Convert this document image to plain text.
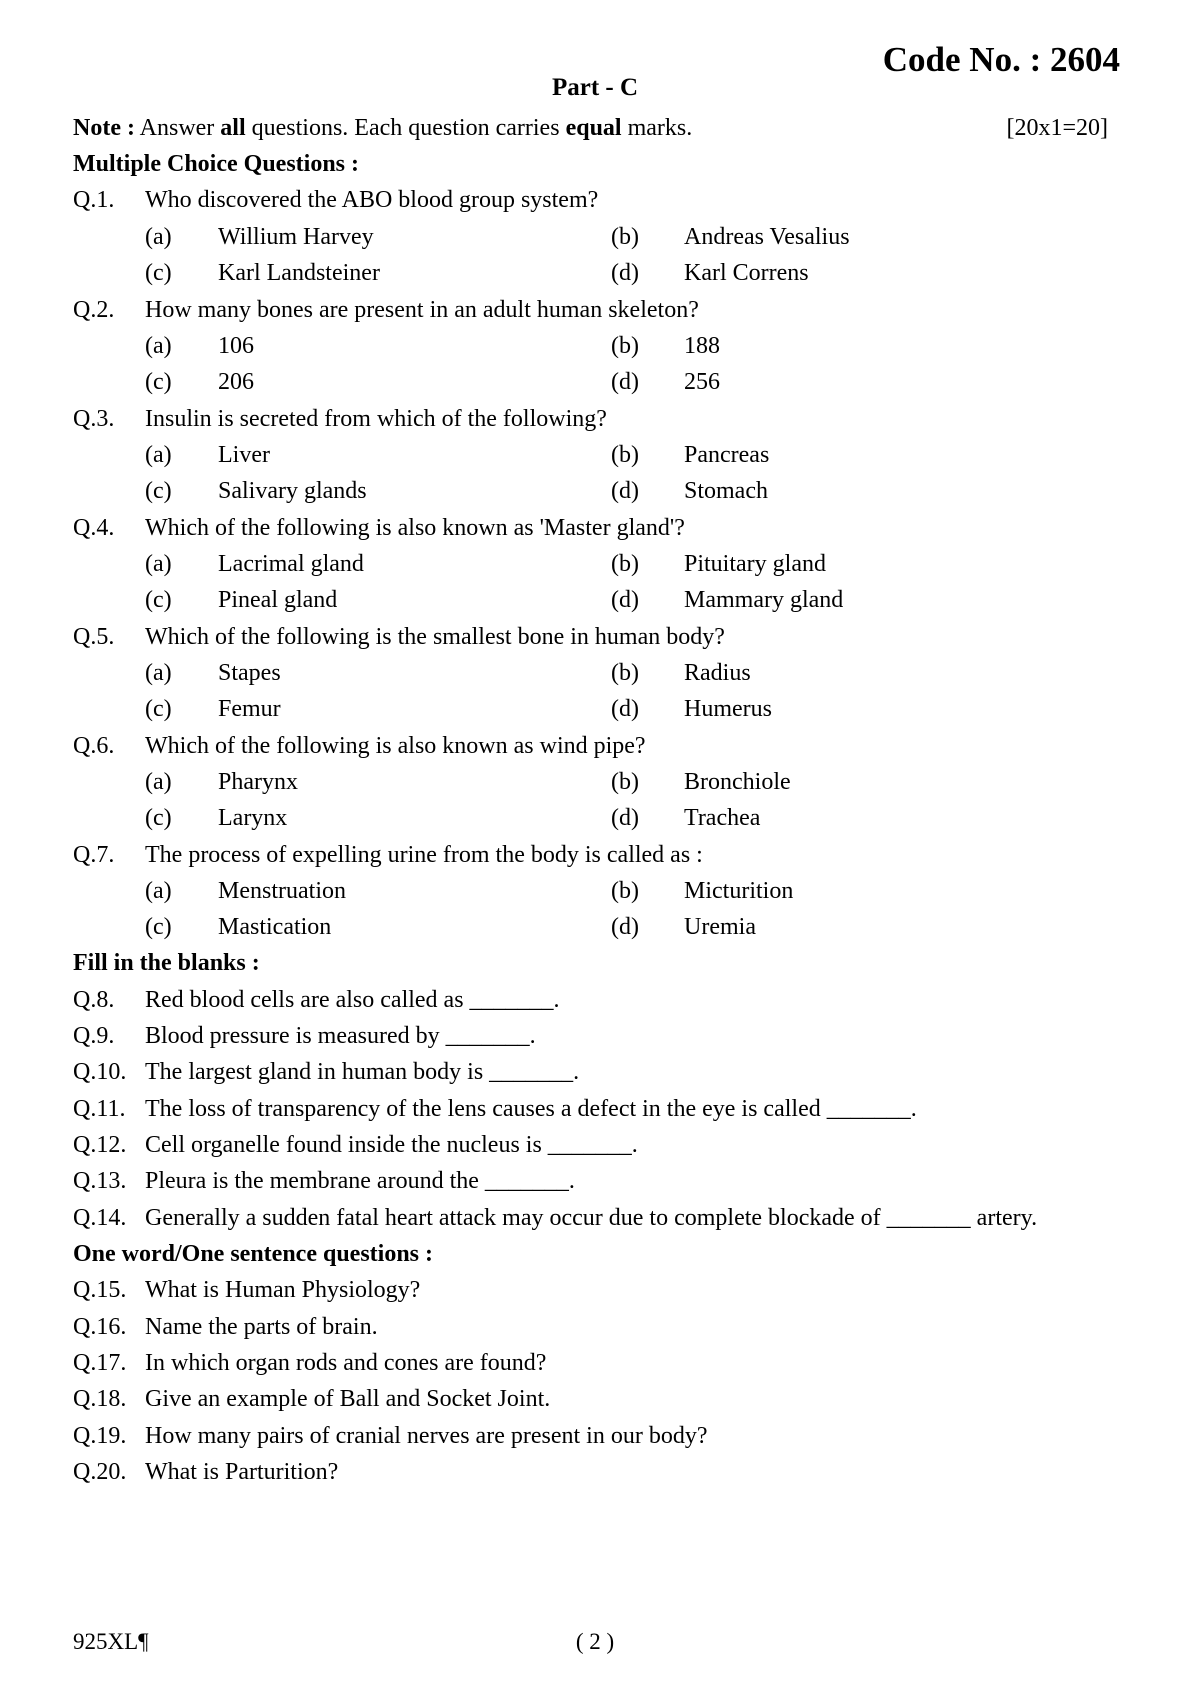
Code No. : 2604
Part - C
Note : Answer all questions. Each question carries equal marks.	[20x1=20]
Multiple Choice Questions :
Q.1. Who discovered the ABO blood group system?
(a) Willium Harvey	(b) Andreas Vesalius
(c) Karl Landsteiner	(d) Karl Correns
Q.2. How many bones are present in an adult human skeleton?
(a) 106	(b) 188
(c) 206	(d) 256
Q.3. Insulin is secreted from which of the following?
(a) Liver	(b) Pancreas
(c) Salivary glands	(d) Stomach
Q.4. Which of the following is also known as 'Master gland'?
(a) Lacrimal gland	(b) Pituitary gland
(c) Pineal gland	(d) Mammary gland
Q.5. Which of the following is the smallest bone in human body?
(a) Stapes	(b) Radius
(c) Femur	(d) Humerus
Q.6. Which of the following is also known as wind pipe?
(a) Pharynx	(b) Bronchiole
(c) Larynx	(d) Trachea
Q.7. The process of expelling urine from the body is called as :
(a) Menstruation	(b) Micturition
(c) Mastication	(d) Uremia
Fill in the blanks :
Q.8. Red blood cells are also called as _______.
Q.9. Blood pressure is measured by _______.
Q.10. The largest gland in human body is _______.
Q.11. The loss of transparency of the lens causes a defect in the eye is called _______.
Q.12. Cell organelle found inside the nucleus is _______.
Q.13. Pleura is the membrane around the _______.
Q.14. Generally a sudden fatal heart attack may occur due to complete blockade of _______ artery.
One word/One sentence questions :
Q.15. What is Human Physiology?
Q.16. Name the parts of brain.
Q.17. In which organ rods and cones are found?
Q.18. Give an example of Ball and Socket Joint.
Q.19. How many pairs of cranial nerves are present in our body?
Q.20. What is Parturition?
925XL¶	( 2 )
